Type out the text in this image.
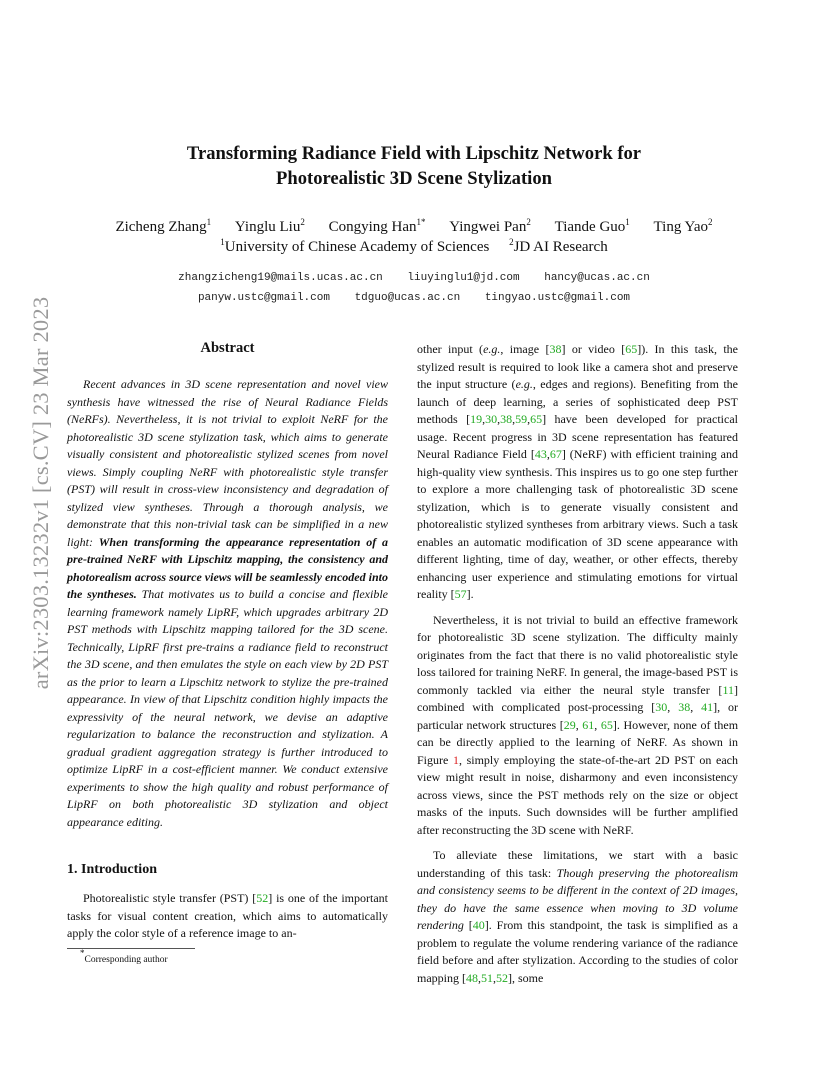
arXiv:2303.13232v1 [cs.CV] 23 Mar 2023
Transforming Radiance Field with Lipschitz Network for
Photorealistic 3D Scene Stylization
Zicheng Zhang$^1$ Yinglu Liu$^2$ Congying Han$^{1*}$ Yingwei Pan$^2$ Tiande Guo$^1$ Ting Yao$^2$
$^1$University of Chinese Academy of Sciences $^2$JD AI Research
zhangzicheng19@mails.ucas.ac.cn liuyinglu1@jd.com hancy@ucas.ac.cn
panyw.ustc@gmail.com tdguo@ucas.ac.cn tingyao.ustc@gmail.com
Abstract

Recent advances in 3D scene representation and novel view synthesis have witnessed the rise of Neural Radiance Fields (NeRFs). Nevertheless, it is not trivial to exploit NeRF for the photorealistic 3D scene stylization task, which aims to generate visually consistent and photorealistic stylized scenes from novel views. Simply coupling NeRF with photorealistic style transfer (PST) will result in cross-view inconsistency and degradation of stylized view syntheses. Through a thorough analysis, we demonstrate that this non-trivial task can be simplified in a new light: When transforming the appearance representation of a pre-trained NeRF with Lipschitz mapping, the consistency and photorealism across source views will be seamlessly encoded into the syntheses. That motivates us to build a concise and flexible learning framework namely LipRF, which upgrades arbitrary 2D PST methods with Lipschitz mapping tailored for the 3D scene. Technically, LipRF first pre-trains a radiance field to reconstruct the 3D scene, and then emulates the style on each view by 2D PST as the prior to learn a Lipschitz network to stylize the pre-trained appearance. In view of that Lipschitz condition highly impacts the expressivity of the neural network, we devise an adaptive regularization to balance the reconstruction and stylization. A gradual gradient aggregation strategy is further introduced to optimize LipRF in a cost-efficient manner. We conduct extensive experiments to show the high quality and robust performance of LipRF on both photorealistic 3D stylization and object appearance editing.

1. Introduction

Photorealistic style transfer (PST) [52] is one of the important tasks for visual content creation, which aims to automatically apply the color style of a reference image to an-

other input (e.g., image [38] or video [65]). In this task, the stylized result is required to look like a camera shot and preserve the input structure (e.g., edges and regions). Benefiting from the launch of deep learning, a series of sophisticated deep PST methods [19,30,38,59,65] have been developed for practical usage. Recent progress in 3D scene representation has featured Neural Radiance Field [43,67] (NeRF) with efficient training and high-quality view synthesis. This inspires us to go one step further to explore a more challenging task of photorealistic 3D scene stylization, which is to generate visually consistent and photorealistic stylized syntheses from arbitrary views. Such a task enables an automatic modification of 3D scene appearance with different lighting, time of day, weather, or other effects, thereby enhancing user experience and stimulating emotions for virtual reality [57].

Nevertheless, it is not trivial to build an effective framework for photorealistic 3D scene stylization. The difficulty mainly originates from the fact that there is no valid photorealistic style loss tailored for training NeRF. In general, the image-based PST is commonly tackled via either the neural style transfer [11] combined with complicated post-processing [30, 38, 41], or particular network structures [29, 61, 65]. However, none of them can be directly applied to the learning of NeRF. As shown in Figure 1, simply employing the state-of-the-art 2D PST on each view might result in noise, disharmony and even inconsistency across views, since the PST methods rely on the size or object masks of the inputs. Such downsides will be further amplified after reconstructing the 3D scene with NeRF.

To alleviate these limitations, we start with a basic understanding of this task: Though preserving the photorealism and consistency seems to be different in the context of 2D images, they do have the same essence when moving to 3D volume rendering [40]. From this standpoint, the task is simplified as a problem to regulate the volume rendering variance of the radiance field before and after stylization. According to the studies of color mapping [48,51,52], some

*Corresponding author
